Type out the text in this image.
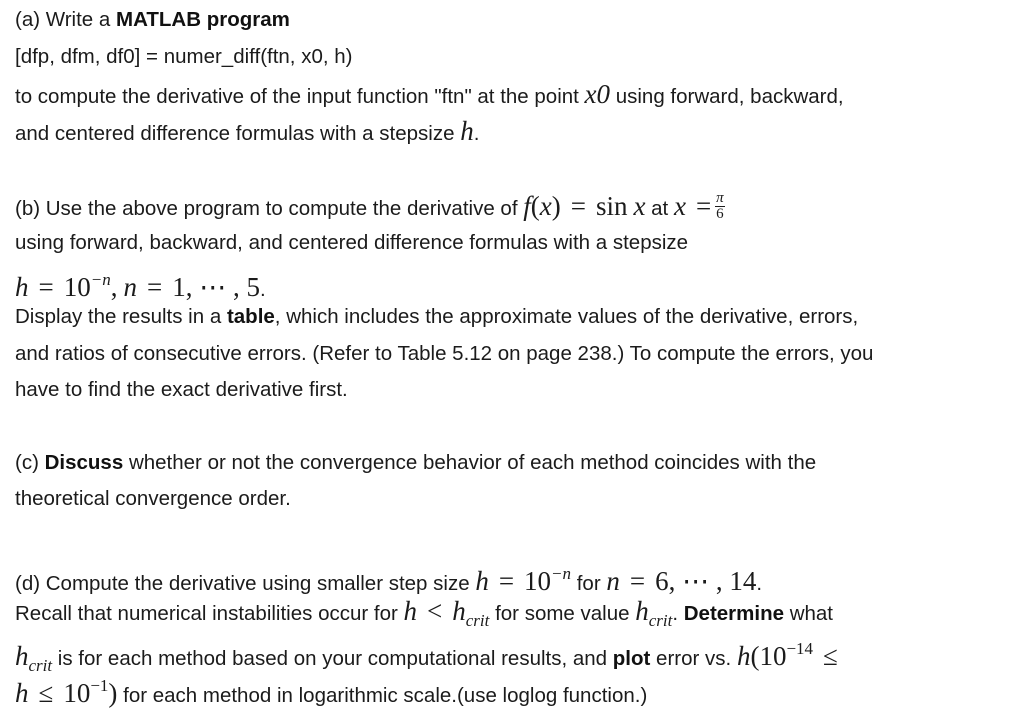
(a) Write a MATLAB program
[dfp, dfm, df0] = numer_diff(ftn, x0, h)
to compute the derivative of the input function "ftn" at the point x0 using forward, backward,
and centered difference formulas with a stepsize h.
(b) Use the above program to compute the derivative of f(x) = sin x at $x = \frac{\pi}{6}$
using forward, backward, and centered difference formulas with a stepsize
$h = 10^{-n}$, n = 1, ⋯ , 5.
Display the results in a table, which includes the approximate values of the derivative, errors,
and ratios of consecutive errors. (Refer to Table 5.12 on page 238.) To compute the errors, you
have to find the exact derivative first.
(c) Discuss whether or not the convergence behavior of each method coincides with the
theoretical convergence order.
(d) Compute the derivative using smaller step size $h = 10^{-n}$ for n = 6, ⋯ , 14.
Recall that numerical instabilities occur for $h < h_{crit}$ for some value $h_{crit}$. Determine what
$h_{crit}$ is for each method based on your computational results, and plot error vs. $h(10^{-14}$ ≤
$h \le 10^{-1}$) for each method in logarithmic scale.(use loglog function.)
